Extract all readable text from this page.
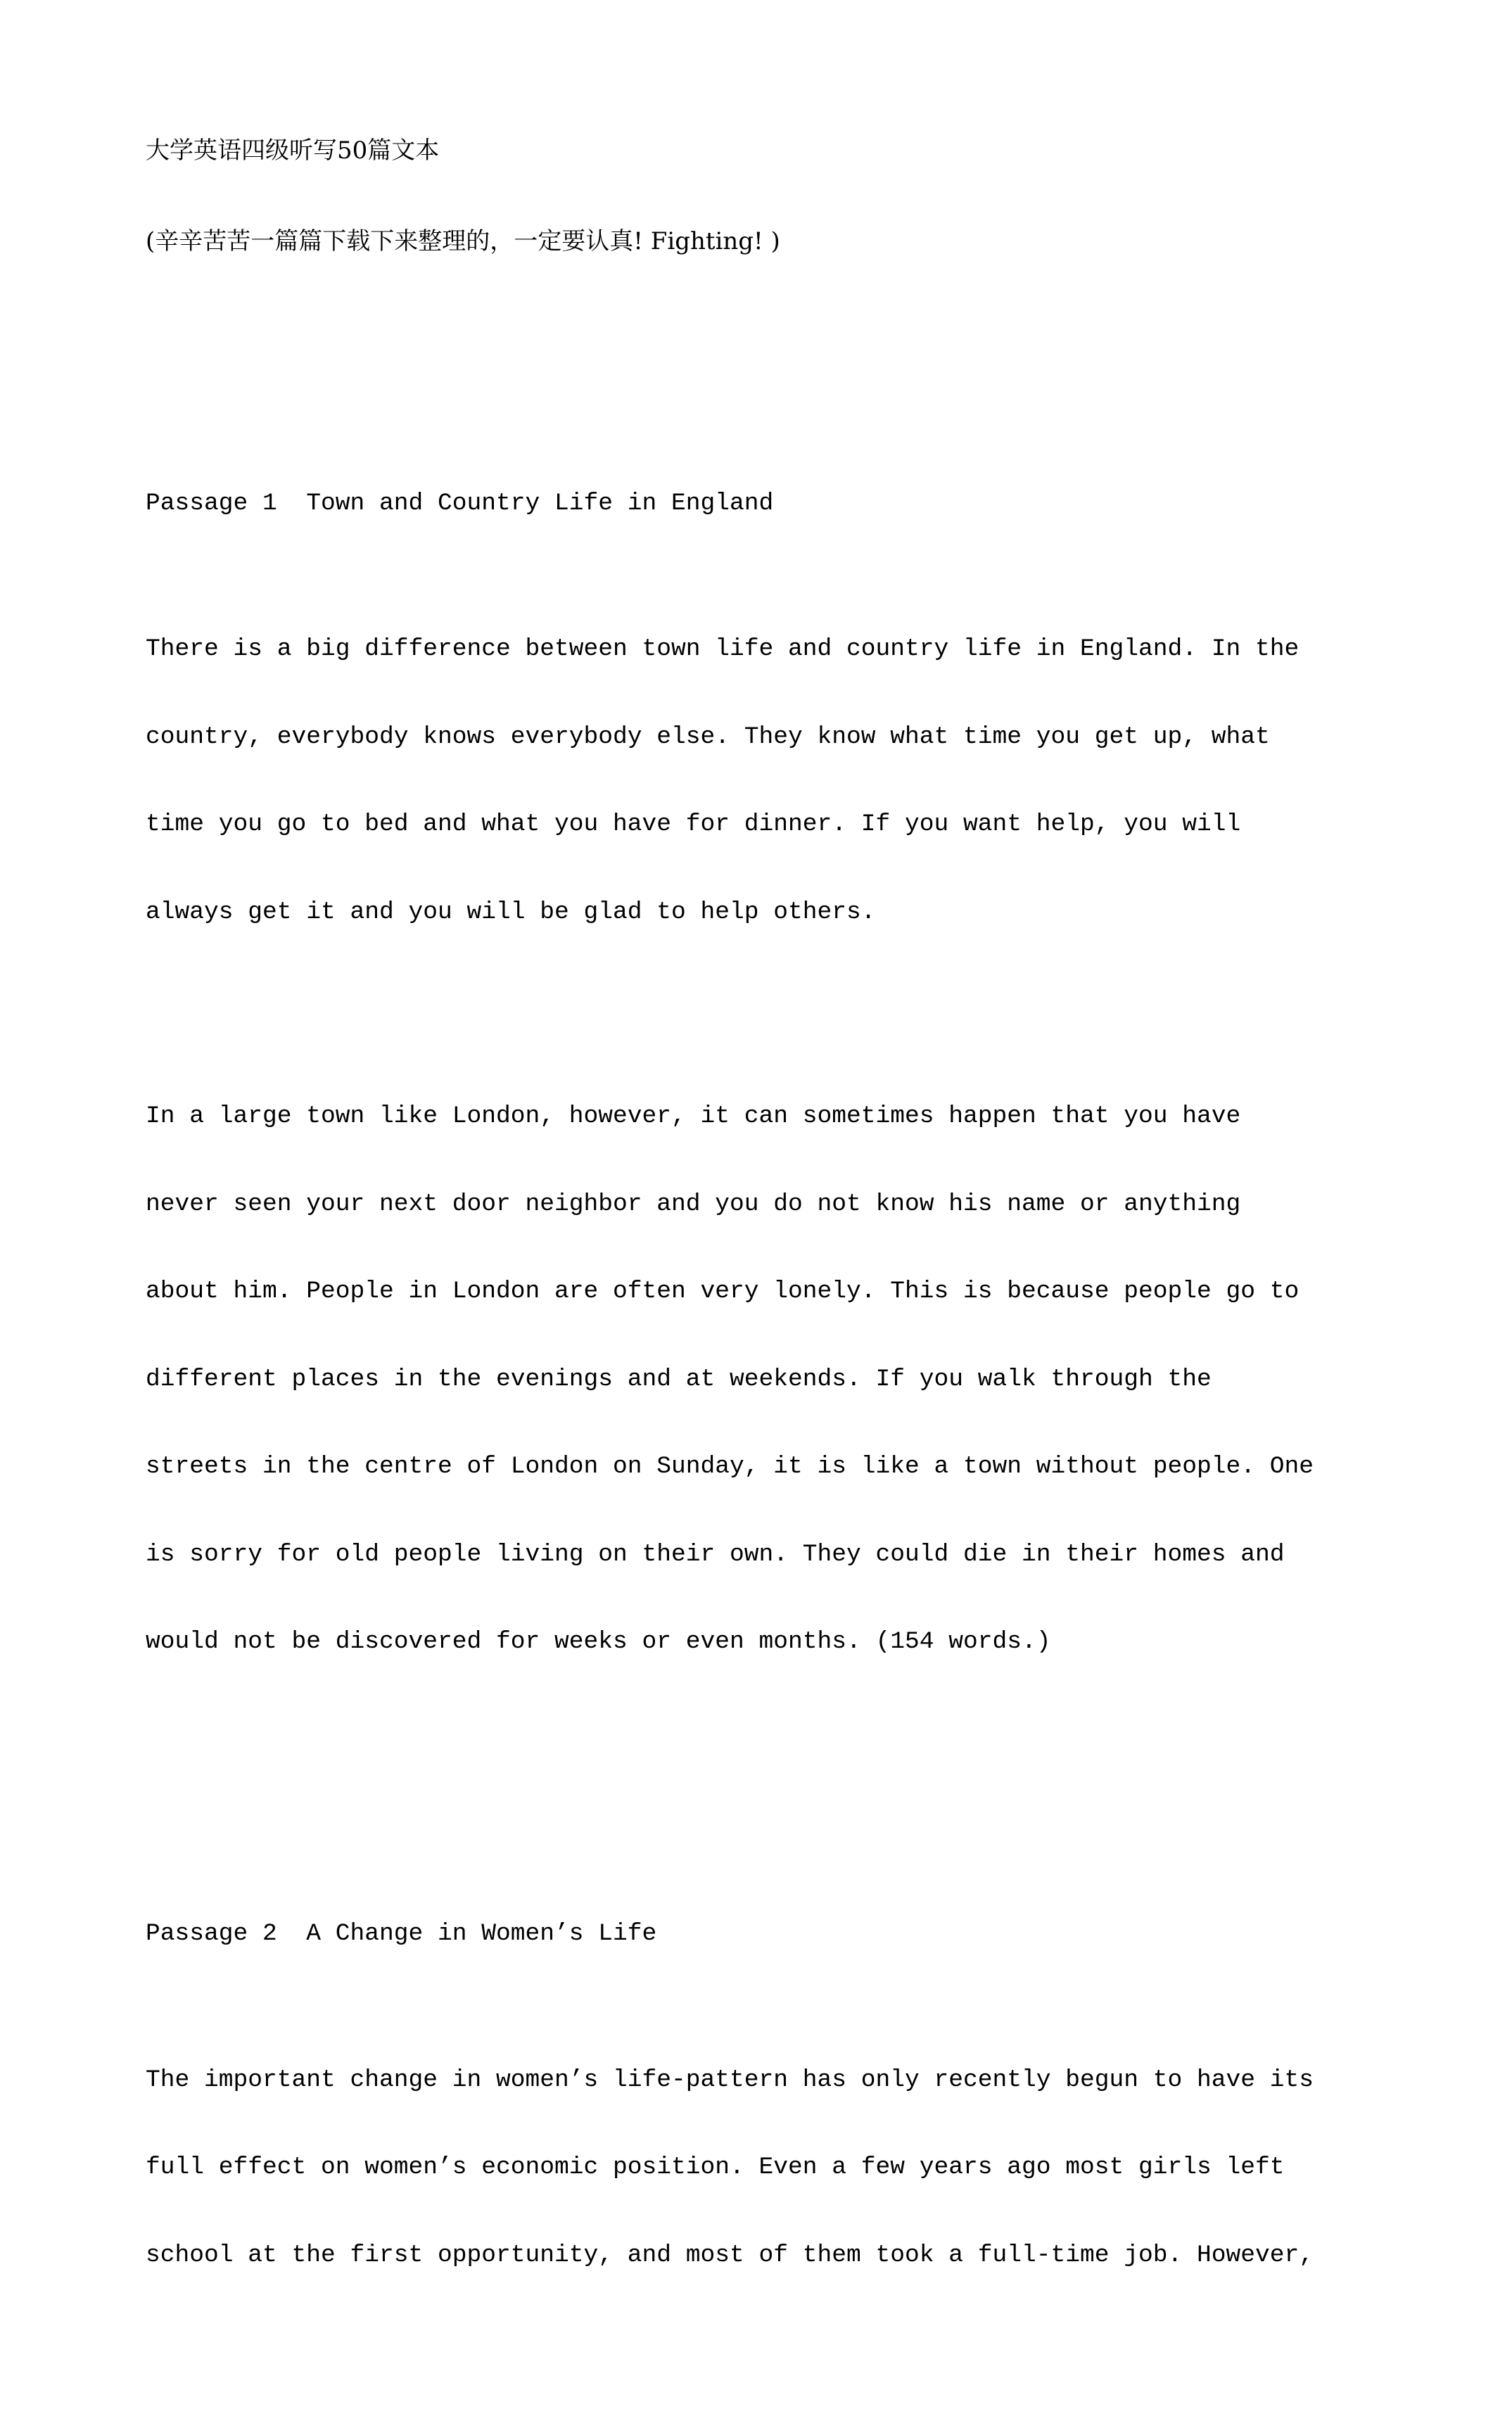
大学英语四级听写50篇文本

(辛辛苦苦一篇篇下载下来整理的，一定要认真! Fighting! )

Passage 1  Town and Country Life in England

There is a big difference between town life and country life in England. In the

country, everybody knows everybody else. They know what time you get up, what

time you go to bed and what you have for dinner. If you want help, you will

always get it and you will be glad to help others.

In a large town like London, however, it can sometimes happen that you have

never seen your next door neighbor and you do not know his name or anything

about him. People in London are often very lonely. This is because people go to

different places in the evenings and at weekends. If you walk through the

streets in the centre of London on Sunday, it is like a town without people. One

is sorry for old people living on their own. They could die in their homes and

would not be discovered for weeks or even months. (154 words.)

Passage 2  A Change in Women’s Life

The important change in women’s life-pattern has only recently begun to have its

full effect on women’s economic position. Even a few years ago most girls left

school at the first opportunity, and most of them took a full-time job. However,
